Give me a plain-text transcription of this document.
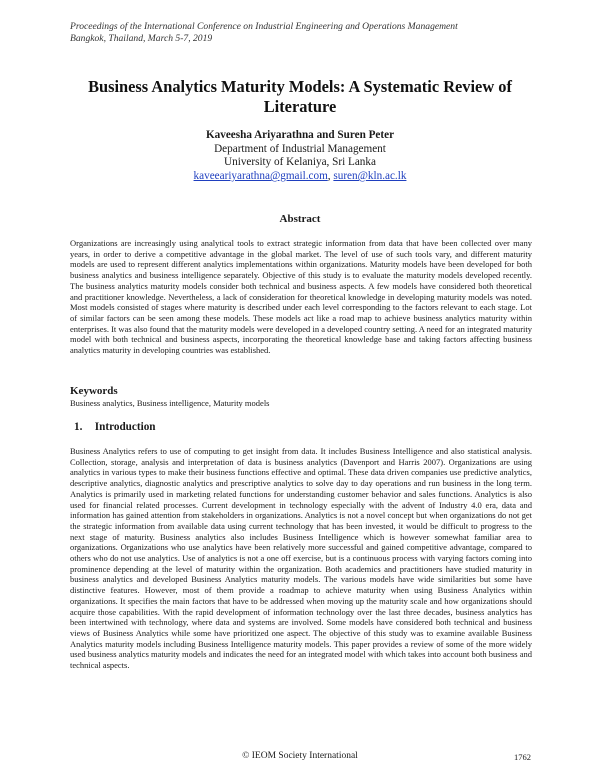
Proceedings of the International Conference on Industrial Engineering and Operations Management
Bangkok, Thailand, March 5-7, 2019
Business Analytics Maturity Models: A Systematic Review of Literature
Kaveesha Ariyarathna and Suren Peter
Department of Industrial Management
University of Kelaniya, Sri Lanka
kaveeariyarathna@gmail.com, suren@kln.ac.lk
Abstract
Organizations are increasingly using analytical tools to extract strategic information from data that have been collected over many years, in order to derive a competitive advantage in the global market. The level of use of such tools vary, and different maturity models are used to represent different analytics implementations within organizations. Maturity models have been developed for both business analytics and business intelligence separately. Objective of this study is to evaluate the maturity models developed recently. The business analytics maturity models consider both technical and business aspects. A few models have considered both theoretical and practitioner knowledge. Nevertheless, a lack of consideration for theoretical knowledge in developing maturity models was noted. Most models consisted of stages where maturity is described under each level corresponding to the factors relevant to each stage. Lot of similar factors can be seen among these models. These models act like a road map to achieve business analytics maturity within enterprises. It was also found that the maturity models were developed in a developed country setting. A need for an integrated maturity model with both technical and business aspects, incorporating the theoretical knowledge base and taking factors affecting business analytics maturity in developing countries was established.
Keywords
Business analytics, Business intelligence, Maturity models
1. Introduction
Business Analytics refers to use of computing to get insight from data. It includes Business Intelligence and also statistical analysis. Collection, storage, analysis and interpretation of data is business analytics (Davenport and Harris 2007). Organizations are using analytics in various types to make their business functions effective and optimal. These data driven companies use predictive analytics, descriptive analytics, diagnostic analytics and prescriptive analytics to solve day to day operations and run business in the long term. Analytics is primarily used in marketing related functions for understanding customer behavior and sales functions. Analytics is also used for financial related processes. Current development in technology especially with the advent of Industry 4.0 era, data and information has gained attention from stakeholders in organizations. Analytics is not a novel concept but when organizations do not get the strategic information from available data using current technology that has been invested, it would be difficult to progress to the next stage of maturity. Business analytics also includes Business Intelligence which is however somewhat familiar area to organizations. Organizations who use analytics have been relatively more successful and gained competitive advantage, compared to others who do not use analytics. Use of analytics is not a one off exercise, but is a continuous process with varying factors coming into prominence depending at the level of maturity within the organization. Both academics and practitioners have studied maturity in business analytics and developed Business Analytics maturity models. The various models have wide similarities but some have distinctive features. However, most of them provide a roadmap to achieve maturity when using Business Analytics within organizations. It specifies the main factors that have to be addressed when moving up the maturity scale and how organizations should acquire those capabilities. With the rapid development of information technology over the last three decades, business analytics has been intertwined with technology, where data and systems are involved. Some models have considered both technical and business views of Business Analytics while some have prioritized one aspect. The objective of this study was to examine available Business Analytics maturity models including Business Intelligence maturity models. This paper provides a review of some of the more widely used business analytics maturity models and indicates the need for an integrated model with which takes into account both business and technical aspects.
© IEOM Society International	1762
